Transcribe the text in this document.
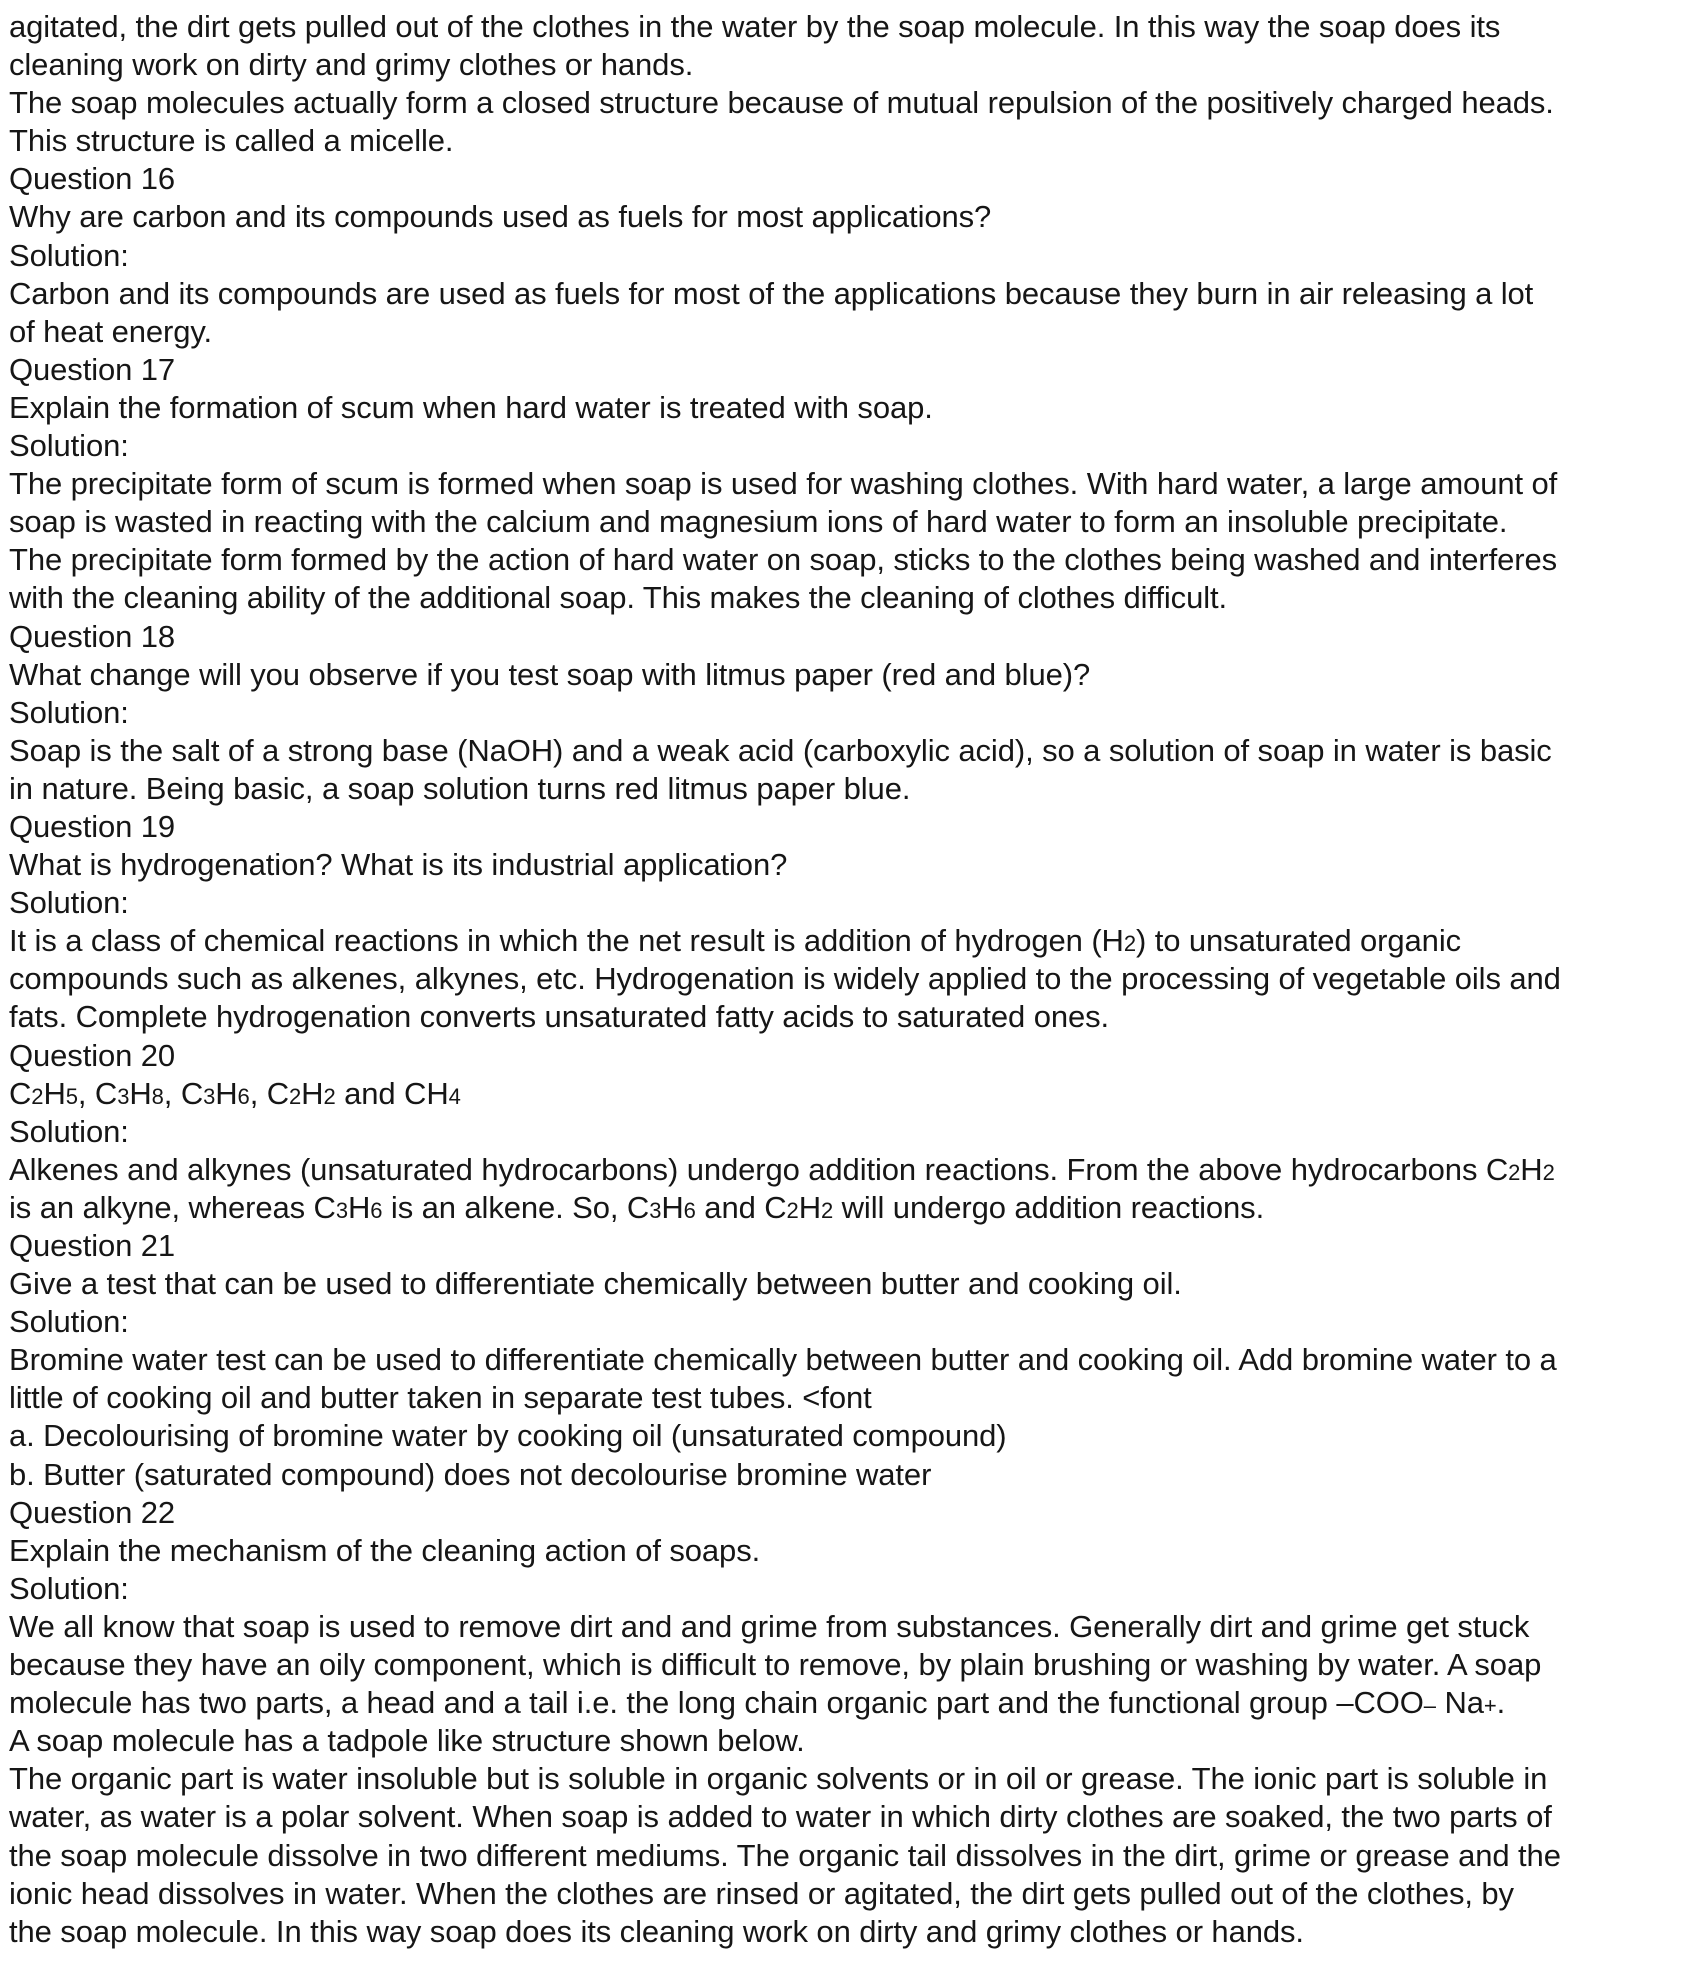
agitated, the dirt gets pulled out of the clothes in the water by the soap molecule. In this way the soap does its
cleaning work on dirty and grimy clothes or hands.
The soap molecules actually form a closed structure because of mutual repulsion of the positively charged heads.
This structure is called a micelle.
Question 16
Why are carbon and its compounds used as fuels for most applications?
Solution:
Carbon and its compounds are used as fuels for most of the applications because they burn in air releasing a lot
of heat energy.
Question 17
Explain the formation of scum when hard water is treated with soap.
Solution:
The precipitate form of scum is formed when soap is used for washing clothes. With hard water, a large amount of
soap is wasted in reacting with the calcium and magnesium ions of hard water to form an insoluble precipitate.
The precipitate form formed by the action of hard water on soap, sticks to the clothes being washed and interferes
with the cleaning ability of the additional soap. This makes the cleaning of clothes difficult.
Question 18
What change will you observe if you test soap with litmus paper (red and blue)?
Solution:
Soap is the salt of a strong base (NaOH) and a weak acid (carboxylic acid), so a solution of soap in water is basic
in nature. Being basic, a soap solution turns red litmus paper blue.
Question 19
What is hydrogenation? What is its industrial application?
Solution:
It is a class of chemical reactions in which the net result is addition of hydrogen (H2) to unsaturated organic
compounds such as alkenes, alkynes, etc. Hydrogenation is widely applied to the processing of vegetable oils and
fats. Complete hydrogenation converts unsaturated fatty acids to saturated ones.
Question 20
C2H5, C3H8, C3H6, C2H2 and CH4
Solution:
Alkenes and alkynes (unsaturated hydrocarbons) undergo addition reactions. From the above hydrocarbons C2H2
is an alkyne, whereas C3H6 is an alkene. So, C3H6 and C2H2 will undergo addition reactions.
Question 21
Give a test that can be used to differentiate chemically between butter and cooking oil.
Solution:
Bromine water test can be used to differentiate chemically between butter and cooking oil. Add bromine water to a
little of cooking oil and butter taken in separate test tubes. <font
a. Decolourising of bromine water by cooking oil (unsaturated compound)
b. Butter (saturated compound) does not decolourise bromine water
Question 22
Explain the mechanism of the cleaning action of soaps.
Solution:
We all know that soap is used to remove dirt and and grime from substances. Generally dirt and grime get stuck
because they have an oily component, which is difficult to remove, by plain brushing or washing by water. A soap
molecule has two parts, a head and a tail i.e. the long chain organic part and the functional group –COO– Na+.
A soap molecule has a tadpole like structure shown below.
The organic part is water insoluble but is soluble in organic solvents or in oil or grease. The ionic part is soluble in
water, as water is a polar solvent. When soap is added to water in which dirty clothes are soaked, the two parts of
the soap molecule dissolve in two different mediums. The organic tail dissolves in the dirt, grime or grease and the
ionic head dissolves in water. When the clothes are rinsed or agitated, the dirt gets pulled out of the clothes, by
the soap molecule. In this way soap does its cleaning work on dirty and grimy clothes or hands.
